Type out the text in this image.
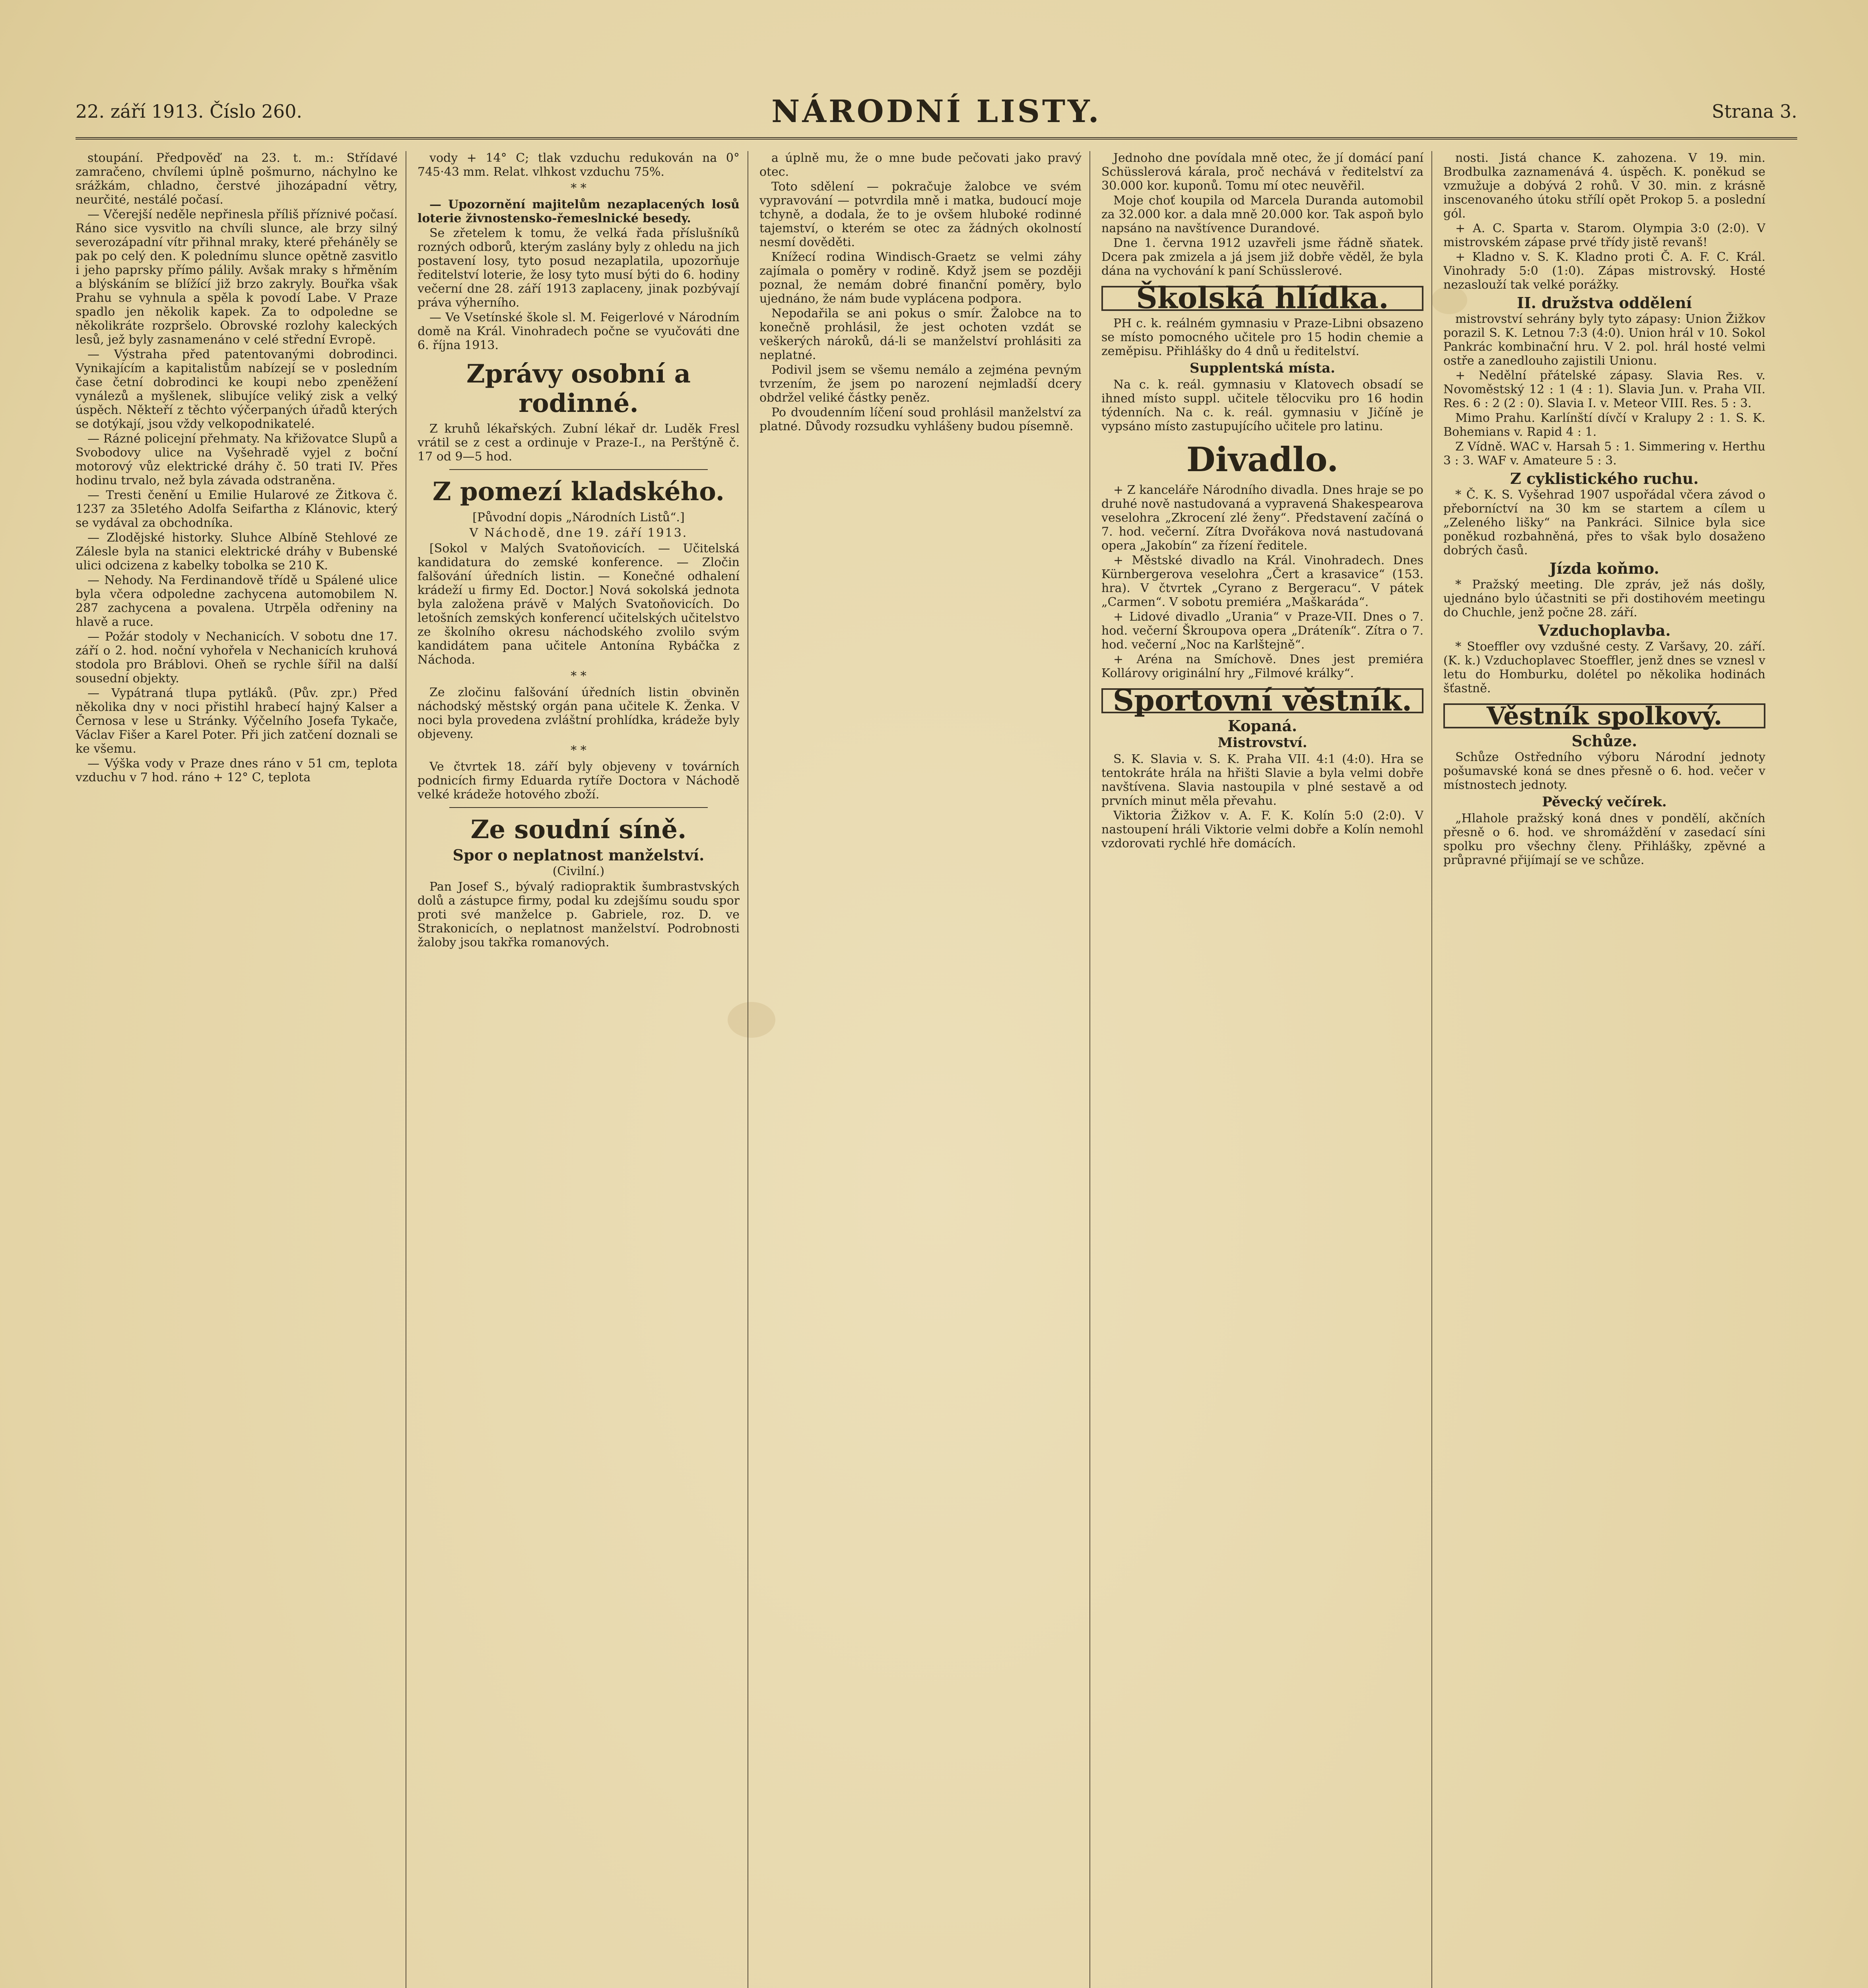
22. září 1913. Číslo 260.	NÁRODNÍ LISTY.	Strana 3.

stoupání. Předpověď na 23. t. m.: Střídavé zamračeno, chvílemi úplně pošmurno, náchylno ke srážkám, chladno, čerstvé jihozápadní větry, neurčité, nestálé počasí.

— Včerejší neděle nepřinesla příliš příznivé počasí. Ráno sice vysvitlo na chvíli slunce, ale brzy silný severozápadní vítr přihnal mraky, které přeháněly se pak po celý den. K polednímu slunce opětně zasvitlo i jeho paprsky přímo pálily. Avšak mraky s hřměním a blýskáním se blížící již brzo zakryly. Bouřka však Prahu se vyhnula a spěla k povodí Labe. V Praze spadlo jen několik kapek. Za to odpoledne se několikráte rozpršelo. Obrovské rozlohy kaleckých lesů, jež byly zasnamenáno v celé střední Evropě.

— Výstraha před patentovanými dobrodinci. Vynikajícím a kapitalistům nabízejí se v posledním čase četní dobrodinci ke koupi nebo zpeněžení vynálezů a myšlenek, slibujíce veliký zisk a velký úspěch. Někteří z těchto výčerpaných úřadů kterých se dotýkají, jsou vždy velkopodnikatelé.

— Rázné policejní přehmaty. Na křižovatce Slupů a Svobodovy ulice na Vyšehradě vyjel z boční motorový vůz elektrické dráhy č. 50 trati IV. Přes hodinu trvalo, než byla závada odstraněna.

— Tresti čenění u Emilie Hularové ze Žitkova č. 1237 za 35letého Adolfa Seifartha z Klánovic, který se vydával za obchodníka.

— Zlodějské historky. Sluhce Albíně Stehlové ze Zálesle byla na stanici elektrické dráhy v Bubenské ulici odcizena z kabelky tobolka se 210 K.

— Nehody. Na Ferdinandově třídě u Spálené ulice byla včera odpoledne zachycena automobilem N. 287 zachycena a povalena. Utrpěla odřeniny na hlavě a ruce.

— Požár stodoly v Nechanicích. V sobotu dne 17. září o 2. hod. noční vyhořela v Nechanicích kruhová stodola pro Bráblovi. Oheň se rychle šířil na další sousední objekty.

— Vypátraná tlupa pytláků. (Pův. zpr.) Před několika dny v noci přistihl hrabecí hajný Kalser a Černosa v lese u Stránky. Výčelního Josefa Tykače, Václav Fišer a Karel Poter. Při jich zatčení doznali se ke všemu.

— Výška vody v Praze dnes ráno v 51 cm, teplota vzduchu v 7 hod. ráno + 12° C, teplota

vody + 14° C; tlak vzduchu redukován na 0° 745·43 mm. Relat. vlhkost vzduchu 75%.

* *

— Upozornění majitelům nezaplacených losů loterie živnostensko-řemeslnické besedy.

Se zřetelem k tomu, že velká řada příslušníků rozných odborů, kterým zaslány byly z ohledu na jich postavení losy, tyto posud nezaplatila, upozorňuje ředitelství loterie, že losy tyto musí býti do 6. hodiny večerní dne 28. září 1913 zaplaceny, jinak pozbývají práva výherního.

— Ve Vsetínské škole sl. M. Feigerlové v Národním domě na Král. Vinohradech počne se vyučováti dne 6. října 1913.

Zprávy osobní a rodinné.

Z kruhů lékařských. Zubní lékař dr. Luděk Fresl vrátil se z cest a ordinuje v Praze-I., na Perštýně č. 17 od 9—5 hod.

Z pomezí kladského.
[Původní dopis „Národních Listů“.]
V Náchodě, dne 19. září 1913.

[Sokol v Malých Svatoňovicích. — Učitelská kandidatura do zemské konference. — Zločin falšování úředních listin. — Konečné odhalení krádeží u firmy Ed. Doctor.] Nová sokolská jednota byla založena právě v Malých Svatoňovicích. Do letošních zemských konferencí učitelských učitelstvo ze školního okresu náchodského zvolilo svým kandidátem pana učitele Antonína Rybáčka z Náchoda.

* *

Ze zločinu falšování úředních listin obviněn náchodský městský orgán pana učitele K. Ženka. V noci byla provedena zvláštní prohlídka, krádeže byly objeveny.

* *

Ve čtvrtek 18. září byly objeveny v továrních podnicích firmy Eduarda rytíře Doctora v Náchodě velké krádeže hotového zboží.

Ze soudní síně.
Spor o neplatnost manželství.
(Civilní.)

Pan Josef S., bývalý radiopraktik šumbrastvských dolů a zástupce firmy, podal ku zdejšímu soudu spor proti své manželce p. Gabriele, roz. D. ve Strakonicích, o neplatnost manželství. Podrobnosti žaloby jsou takřka romanových.

a úplně mu, že o mne bude pečovati jako pravý otec.

Toto sdělení — pokračuje žalobce ve svém vypravování — potvrdila mně i matka, budoucí moje tchyně, a dodala, že to je ovšem hluboké rodinné tajemství, o kterém se otec za žádných okolností nesmí dověděti.

Knížecí rodina Windisch-Graetz se velmi záhy zajímala o poměry v rodině. Když jsem se později poznal, že nemám dobré finanční poměry, bylo ujednáno, že nám bude vyplácena podpora.

Nepodařila se ani pokus o smír. Žalobce na to konečně prohlásil, že jest ochoten vzdát se veškerých nároků, dá-li se manželství prohlásiti za neplatné.

Podivil jsem se všemu nemálo a zejména pevným tvrzením, že jsem po narození nejmladší dcery obdržel veliké částky peněz.

Po dvoudenním líčení soud prohlásil manželství za platné. Důvody rozsudku vyhlášeny budou písemně.

Jednoho dne povídala mně otec, že jí domácí paní Schüsslerová kárala, proč nechává v ředitelství za 30.000 kor. kuponů. Tomu mí otec neuvěřil.

Moje choť koupila od Marcela Duranda automobil za 32.000 kor. a dala mně 20.000 kor. Tak aspoň bylo napsáno na navštívence Durandové.

Dne 1. června 1912 uzavřeli jsme řádně sňatek. Dcera pak zmizela a já jsem již dobře věděl, že byla dána na vychování k paní Schüsslerové.

Školská hlídka.

PH c. k. reálném gymnasiu v Praze-Libni obsazeno se místo pomocného učitele pro 15 hodin chemie a zeměpisu. Přihlášky do 4 dnů u ředitelství.

Supplentská místa.

Na c. k. reál. gymnasiu v Klatovech obsadí se ihned místo suppl. učitele tělocviku pro 16 hodin týdenních. Na c. k. reál. gymnasiu v Jičíně je vypsáno místo zastupujícího učitele pro latinu.

Divadlo.

+ Z kanceláře Národního divadla. Dnes hraje se po druhé nově nastudovaná a vypravená Shakespearova veselohra „Zkrocení zlé ženy“. Představení začíná o 7. hod. večerní. Zítra Dvořákova nová nastudovaná opera „Jakobín“ za řízení ředitele.

+ Městské divadlo na Král. Vinohradech. Dnes Kürnbergerova veselohra „Čert a krasavice“ (153. hra). V čtvrtek „Cyrano z Bergeracu“. V pátek „Carmen“. V sobotu premiéra „Maškaráda“.

+ Lidové divadlo „Urania“ v Praze-VII. Dnes o 7. hod. večerní Škroupova opera „Dráteník“. Zítra o 7. hod. večerní „Noc na Karlštejně“.

+ Aréna na Smíchově. Dnes jest premiéra Kollárovy originální hry „Filmové králky“.

Sportovní věstník.
Kopaná.
Mistrovství.

S. K. Slavia v. S. K. Praha VII. 4:1 (4:0). Hra se tentokráte hrála na hřišti Slavie a byla velmi dobře navštívena. Slavia nastoupila v plné sestavě a od prvních minut měla převahu.

Viktoria Žižkov v. A. F. K. Kolín 5:0 (2:0). V nastoupení hráli Viktorie velmi dobře a Kolín nemohl vzdorovati rychlé hře domácích.

nosti. Jistá chance K. zahozena. V 19. min. Brodbulka zaznamenává 4. úspěch. K. poněkud se vzmužuje a dobývá 2 rohů. V 30. min. z krásně inscenovaného útoku střílí opět Prokop 5. a poslední gól.

+ A. C. Sparta v. Starom. Olympia 3:0 (2:0). V mistrovském zápase prvé třídy jistě revanš!

+ Kladno v. S. K. Kladno proti Č. A. F. C. Král. Vinohrady 5:0 (1:0). Zápas mistrovský. Hosté nezaslouží tak velké porážky.

II. družstva oddělení

mistrovství sehrány byly tyto zápasy: Union Žižkov porazil S. K. Letnou 7:3 (4:0). Union hrál v 10. Sokol Pankrác kombinační hru. V 2. pol. hrál hosté velmi ostře a zanedlouho zajistili Unionu.

+ Nedělní přátelské zápasy. Slavia Res. v. Novoměstský 12 : 1 (4 : 1). Slavia Jun. v. Praha VII. Res. 6 : 2 (2 : 0). Slavia I. v. Meteor VIII. Res. 5 : 3.

Mimo Prahu. Karlínští dívčí v Kralupy 2 : 1. S. K. Bohemians v. Rapid 4 : 1.

Z Vídně. WAC v. Harsah 5 : 1. Simmering v. Herthu 3 : 3. WAF v. Amateure 5 : 3.

Z cyklistického ruchu.

* Č. K. S. Vyšehrad 1907 uspořádal včera závod o přeborníctví na 30 km se startem a cílem u „Zeleného lišky“ na Pankráci. Silnice byla sice poněkud rozbahněná, přes to však bylo dosaženo dobrých časů.

Jízda koňmo.

* Pražský meeting. Dle zpráv, jež nás došly, ujednáno bylo účastniti se při dostihovém meetingu do Chuchle, jenž počne 28. září.

Vzduchoplavba.

* Stoeffler ovy vzdušné cesty. Z Varšavy, 20. září. (K. k.) Vzduchoplavec Stoeffler, jenž dnes se vznesl v letu do Homburku, dolétel po několika hodinách šťastně.

Věstník spolkový.
Schůze.

Schůze Ostředního výboru Národní jednoty pošumavské koná se dnes přesně o 6. hod. večer v místnostech jednoty.

Pěvecký večírek.

„Hlahole pražský koná dnes v pondělí, akčních přesně o 6. hod. ve shromáždění v zasedací síni spolku pro všechny členy. Přihlášky, zpěvné a průpravné přijímají se ve schůze.
